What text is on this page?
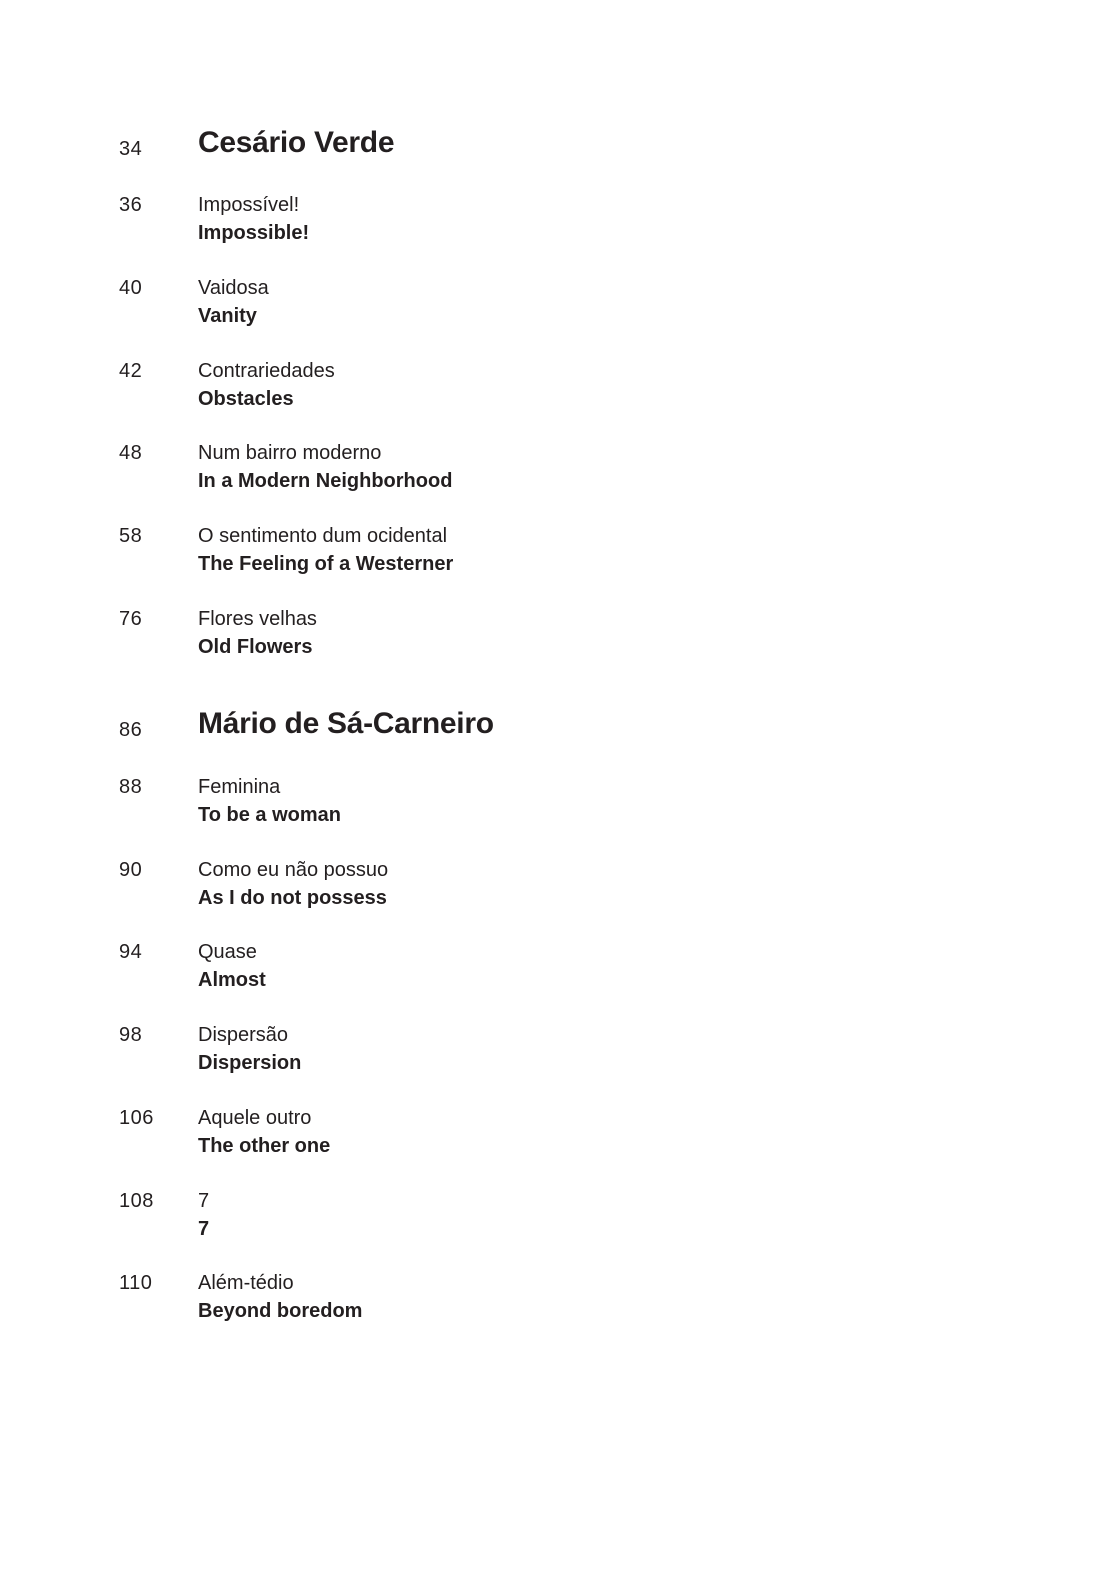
34 Cesário Verde
36	Impossível!
Impossible!
40	Vaidosa
Vanity
42	Contrariedades
Obstacles
48	Num bairro moderno
In a Modern Neighborhood
58	O sentimento dum ocidental
The Feeling of a Westerner
76	Flores velhas
Old Flowers
86 Mário de Sá-Carneiro
88	Feminina
To be a woman
90	Como eu não possuo
As I do not possess
94	Quase
Almost
98	Dispersão
Dispersion
106 Aquele outro
The other one
108 7
7
110 Além-tédio
Beyond boredom
